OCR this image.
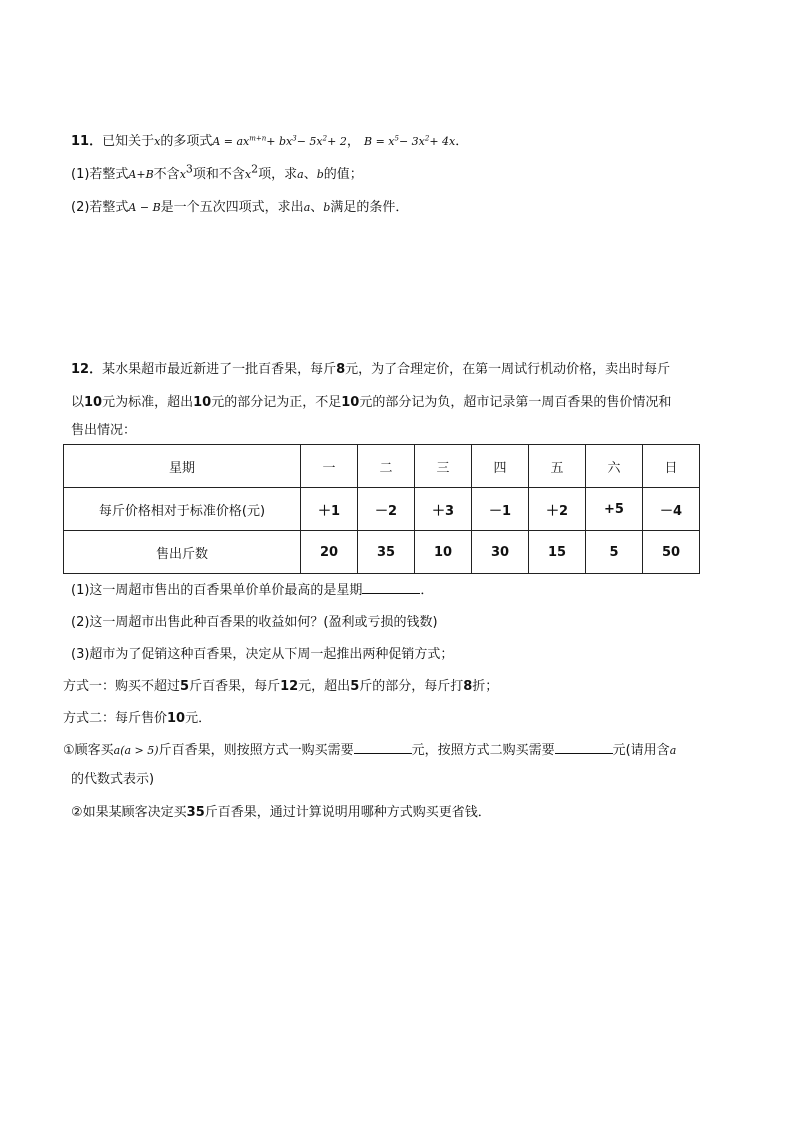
11．已知关于x的多项式$A = ax^{m+n}+ bx^3- 5x^2+ 2$， $B = x^5- 3x^2+ 4x$．
(1)若整式A+B不含$x^3$项和不含$x^2$项，求a、b的值；
(2)若整式A − B是一个五次四项式，求出a、b满足的条件．
12．某水果超市最近新进了一批百香果，每斤8元，为了合理定价，在第一周试行机动价格，卖出时每斤
以10元为标准，超出10元的部分记为正，不足10元的部分记为负，超市记录第一周百香果的售价情况和
售出情况：
星期	一	二	三	四	五	六	日
每斤价格相对于标准价格(元)	＋1	－2	＋3	－1	＋2	+5	－4
售出斤数	20	35	10	30	15	5	50
(1)这一周超市售出的百香果单价单价最高的是星期	．
(2)这一周超市出售此种百香果的收益如何？(盈利或亏损的钱数)
(3)超市为了促销这种百香果，决定从下周一起推出两种促销方式；
方式一：购买不超过5斤百香果，每斤12元，超出5斤的部分，每斤打8折；
方式二：每斤售价10元．
①顾客买a(a > 5)斤百香果，则按照方式一购买需要	元，按照方式二购买需要	元(请用含a
的代数式表示)
②如果某顾客决定买35斤百香果，通过计算说明用哪种方式购买更省钱．
